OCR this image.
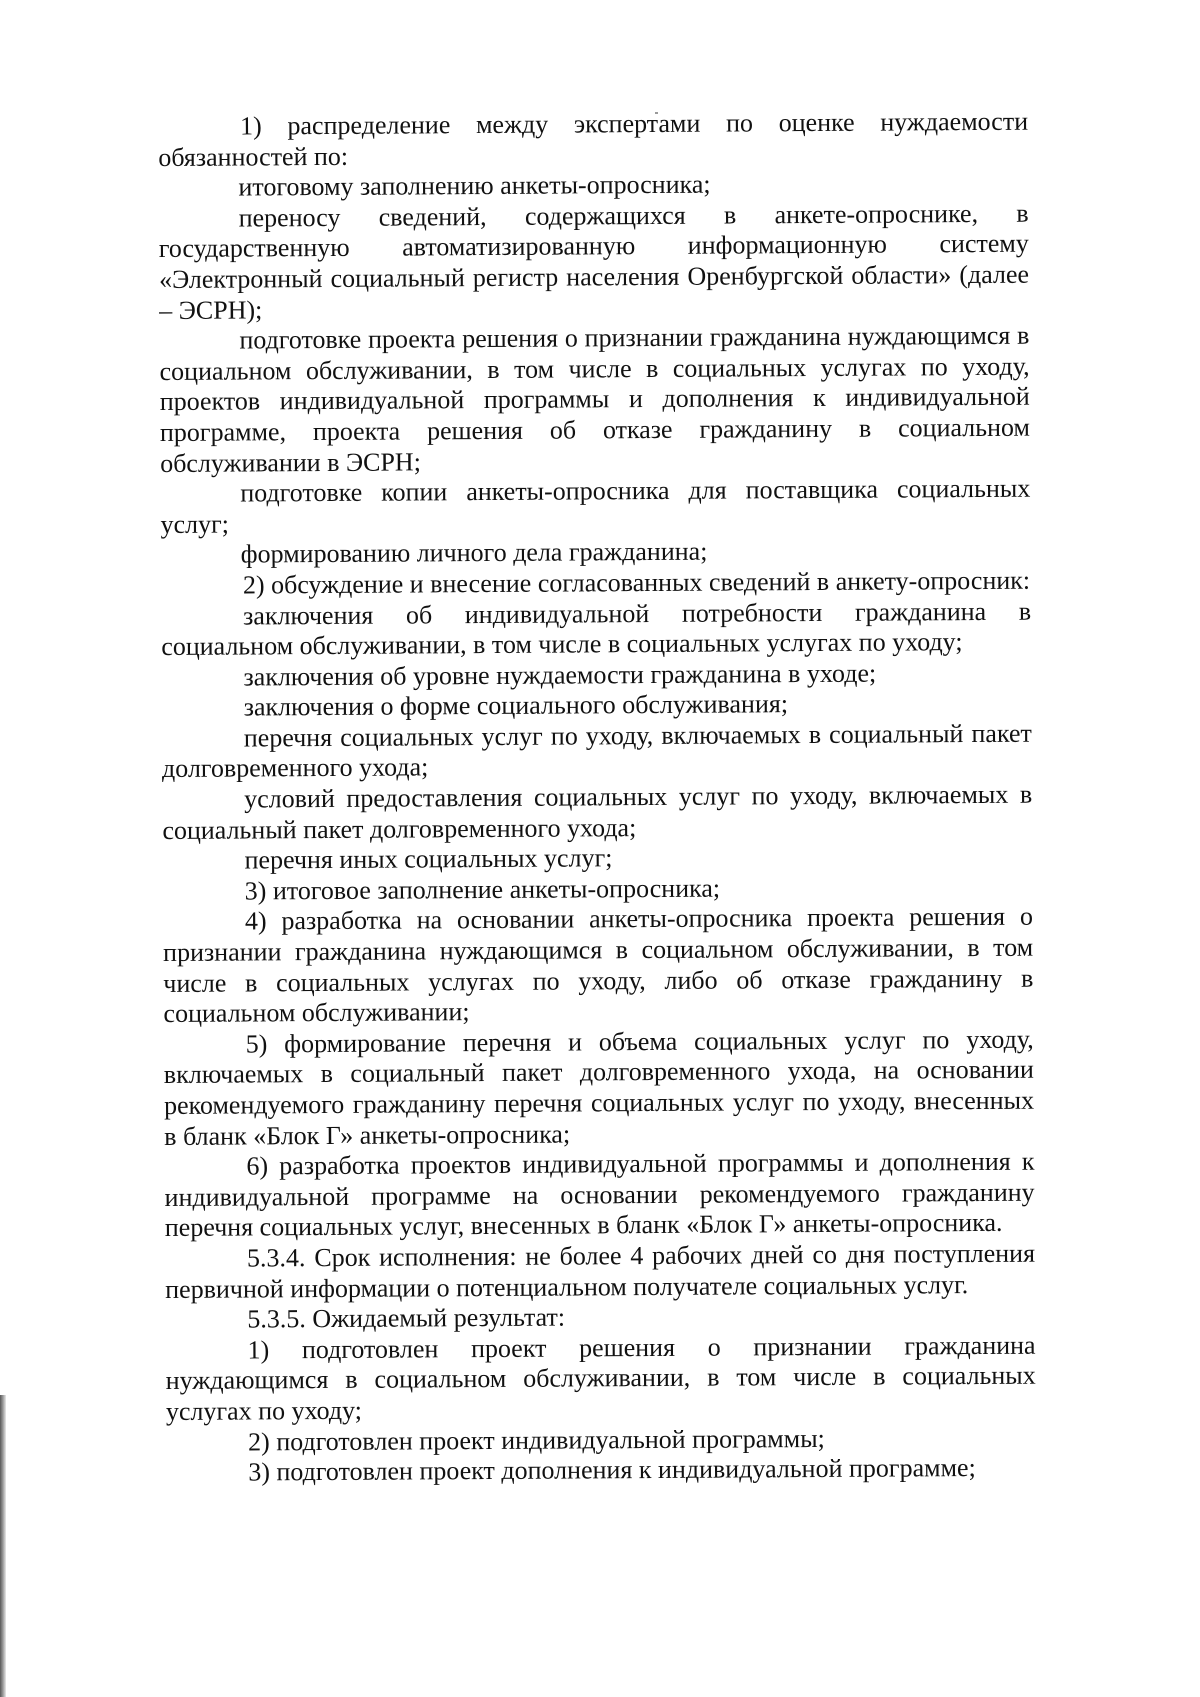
1) распределение между экспертами по оценке нуждаемости обязанностей по:

итоговому заполнению анкеты-опросника;

переносу сведений, содержащихся в анкете-опроснике, в государственную автоматизированную информационную систему «Электронный социальный регистр населения Оренбургской области» (далее – ЭСРН);

подготовке проекта решения о признании гражданина нуждающимся в социальном обслуживании, в том числе в социальных услугах по уходу, проектов индивидуальной программы и дополнения к индивидуальной программе, проекта решения об отказе гражданину в социальном обслуживании в ЭСРН;

подготовке копии анкеты-опросника для поставщика социальных услуг;

формированию личного дела гражданина;

2) обсуждение и внесение согласованных сведений в анкету-опросник:

заключения об индивидуальной потребности гражданина в социальном обслуживании, в том числе в социальных услугах по уходу;

заключения об уровне нуждаемости гражданина в уходе;

заключения о форме социального обслуживания;

перечня социальных услуг по уходу, включаемых в социальный пакет долговременного ухода;

условий предоставления социальных услуг по уходу, включаемых в социальный пакет долговременного ухода;

перечня иных социальных услуг;

3) итоговое заполнение анкеты-опросника;

4) разработка на основании анкеты-опросника проекта решения о признании гражданина нуждающимся в социальном обслуживании, в том числе в социальных услугах по уходу, либо об отказе гражданину в социальном обслуживании;

5) формирование перечня и объема социальных услуг по уходу, включаемых в социальный пакет долговременного ухода, на основании рекомендуемого гражданину перечня социальных услуг по уходу, внесенных в бланк «Блок Г» анкеты-опросника;

6) разработка проектов индивидуальной программы и дополнения к индивидуальной программе на основании рекомендуемого гражданину перечня социальных услуг, внесенных в бланк «Блок Г» анкеты-опросника.

5.3.4. Срок исполнения: не более 4 рабочих дней со дня поступления первичной информации о потенциальном получателе социальных услуг.

5.3.5. Ожидаемый результат:

1) подготовлен проект решения о признании гражданина нуждающимся в социальном обслуживании, в том числе в социальных услугах по уходу;

2) подготовлен проект индивидуальной программы;

3) подготовлен проект дополнения к индивидуальной программе;
